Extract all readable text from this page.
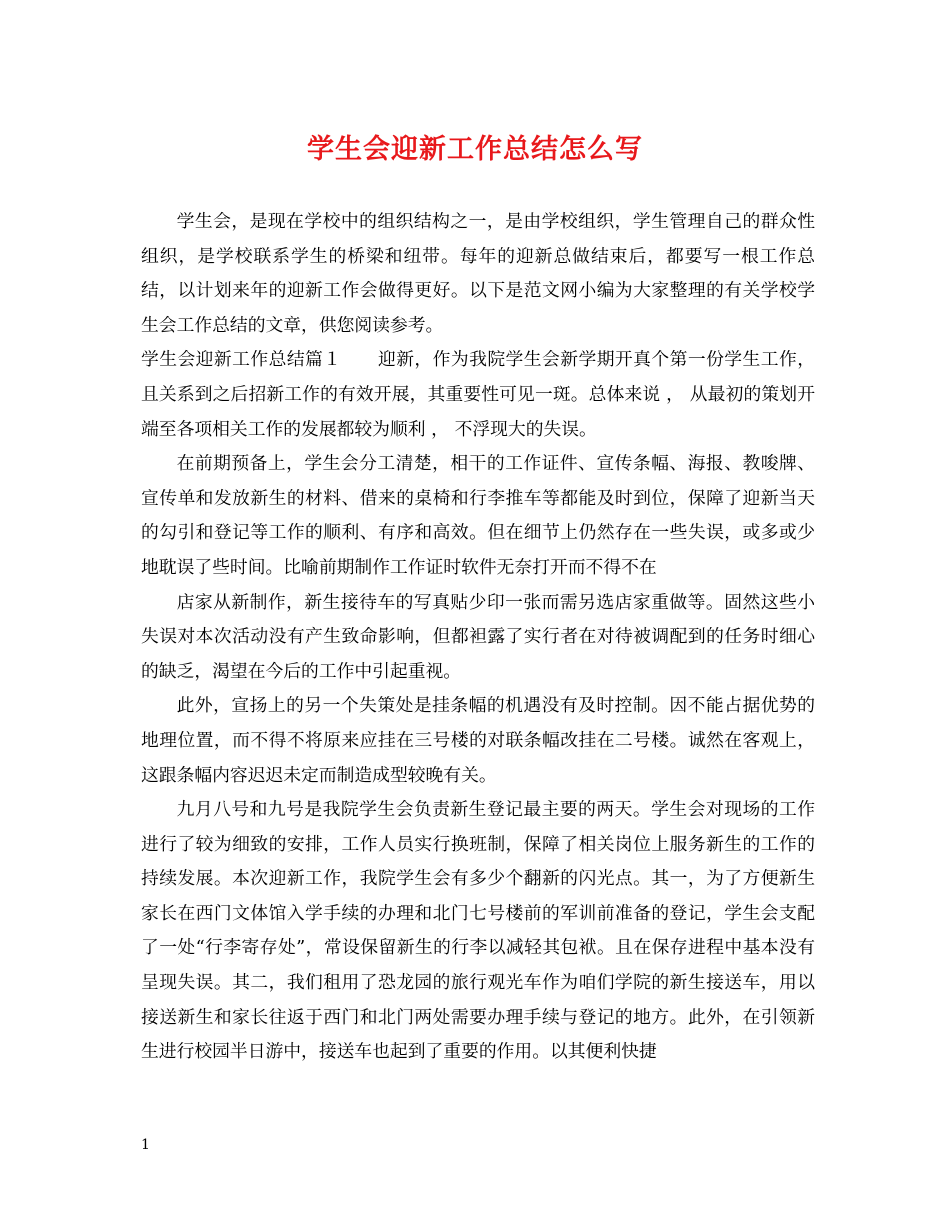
学生会迎新工作总结怎么写

学生会，是现在学校中的组织结构之一，是由学校组织，学生管理自己的群众性组织，是学校联系学生的桥梁和纽带。每年的迎新总做结束后，都要写一根工作总结，以计划来年的迎新工作会做得更好。以下是范文网小编为大家整理的有关学校学生会工作总结的文章，供您阅读参考。

学生会迎新工作总结篇１　　迎新，作为我院学生会新学期开真个第一份学生工作，且关系到之后招新工作的有效开展，其重要性可见一斑。总体来说 ， 从最初的策划开端至各项相关工作的发展都较为顺利 ， 不浮现大的失误。

在前期预备上，学生会分工清楚，相干的工作证件、宣传条幅、海报、教唆牌、宣传单和发放新生的材料、借来的桌椅和行李推车等都能及时到位，保障了迎新当天的勾引和登记等工作的顺利、有序和高效。但在细节上仍然存在一些失误，或多或少地耽误了些时间。比喻前期制作工作证时软件无奈打开而不得不在

店家从新制作，新生接待车的写真贴少印一张而需另选店家重做等。固然这些小失误对本次活动没有产生致命影响，但都袒露了实行者在对待被调配到的任务时细心的缺乏，渴望在今后的工作中引起重视。

此外，宣扬上的另一个失策处是挂条幅的机遇没有及时控制。因不能占据优势的地理位置，而不得不将原来应挂在三号楼的对联条幅改挂在二号楼。诚然在客观上，这跟条幅内容迟迟未定而制造成型较晚有关。

九月八号和九号是我院学生会负责新生登记最主要的两天。学生会对现场的工作进行了较为细致的安排，工作人员实行换班制，保障了相关岗位上服务新生的工作的持续发展。本次迎新工作，我院学生会有多少个翻新的闪光点。其一，为了方便新生家长在西门文体馆入学手续的办理和北门七号楼前的军训前准备的登记，学生会支配了一处“行李寄存处”，常设保留新生的行李以减轻其包袱。且在保存进程中基本没有呈现失误。其二，我们租用了恐龙园的旅行观光车作为咱们学院的新生接送车，用以接送新生和家长往返于西门和北门两处需要办理手续与登记的地方。此外，在引领新生进行校园半日游中，接送车也起到了重要的作用。以其便利快捷

1
